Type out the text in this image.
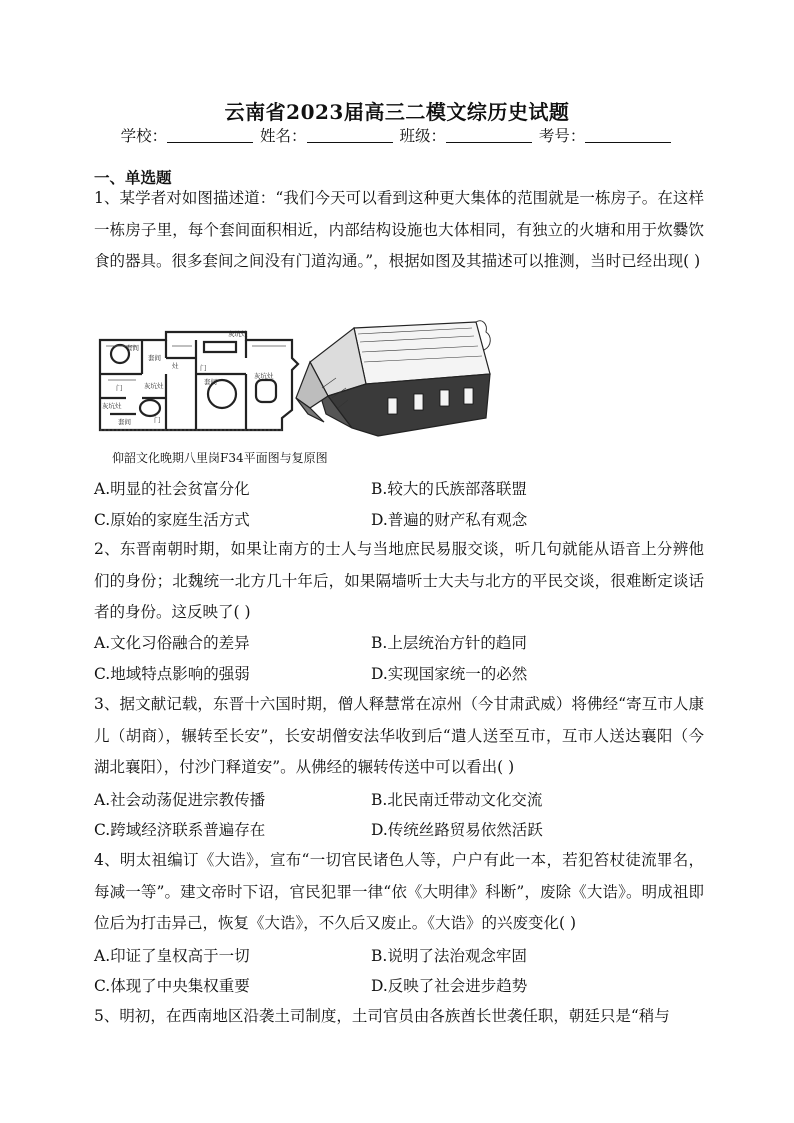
云南省2023届高三二模文综历史试题
学校：	姓名：	班级：	考号：
一、单选题
1、某学者对如图描述道：“我们今天可以看到这种更大集体的范围就是一栋房子。在这样一栋房子里，每个套间面积相近，内部结构设施也大体相同，有独立的火塘和用于炊爨饮食的器具。很多套间之间没有门道沟通。”，根据如图及其描述可以推测，当时已经出现( )
套间
套间
灰坑灶
灶
门
门
灰坑灶
灰坑灶
套间
套间
灰坑灶
门
仰韶文化晚期八里岗F34平面图与复原图
A.明显的社会贫富分化	B.较大的氏族部落联盟
C.原始的家庭生活方式	D.普遍的财产私有观念
2、东晋南朝时期，如果让南方的士人与当地庶民易服交谈，听几句就能从语音上分辨他们的身份；北魏统一北方几十年后，如果隔墙听士大夫与北方的平民交谈，很难断定谈话者的身份。这反映了( )
A.文化习俗融合的差异	B.上层统治方针的趋同
C.地域特点影响的强弱	D.实现国家统一的必然
3、据文献记载，东晋十六国时期，僧人释慧常在凉州（今甘肃武威）将佛经“寄互市人康儿（胡商），辗转至长安”，长安胡僧安法华收到后“遣人送至互市，互市人送达襄阳（今湖北襄阳），付沙门释道安”。从佛经的辗转传送中可以看出( )
A.社会动荡促进宗教传播	B.北民南迁带动文化交流
C.跨域经济联系普遍存在	D.传统丝路贸易依然活跃
4、明太祖编订《大诰》，宣布“一切官民诸色人等，户户有此一本，若犯笞杖徒流罪名，每减一等”。建文帝时下诏，官民犯罪一律“依《大明律》科断”，废除《大诰》。明成祖即位后为打击异己，恢复《大诰》，不久后又废止。《大诰》的兴废变化( )
A.印证了皇权高于一切	B.说明了法治观念牢固
C.体现了中央集权重要	D.反映了社会进步趋势
5、明初，在西南地区沿袭土司制度，土司官员由各族酋长世袭任职，朝廷只是“稍与
